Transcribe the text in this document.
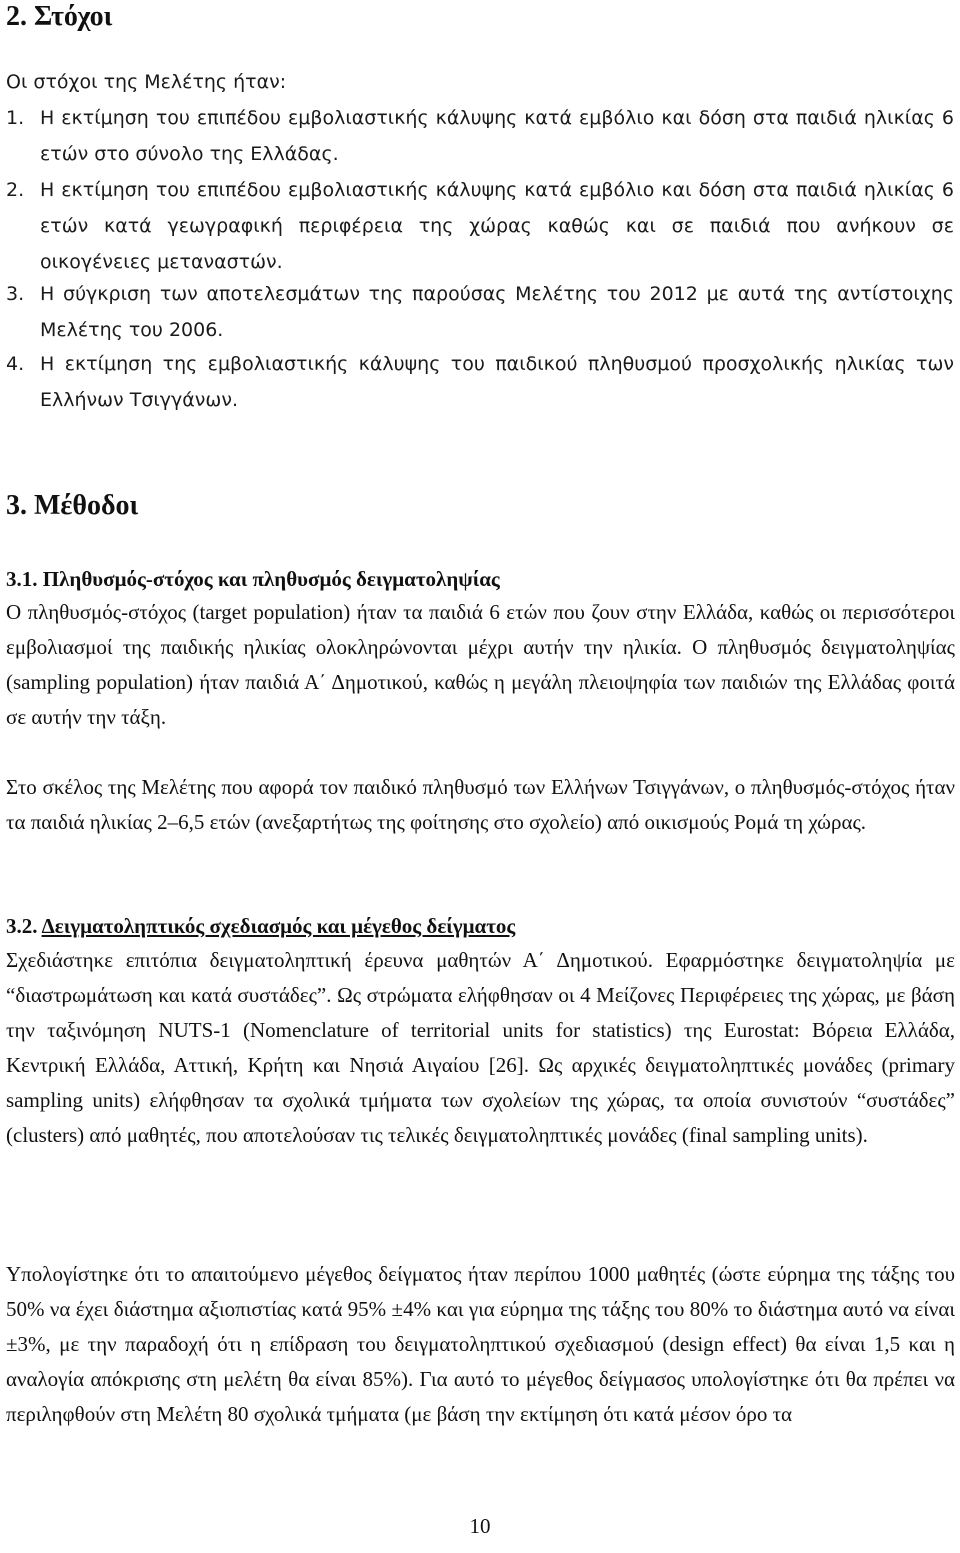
2. Στόχοι

Οι στόχοι της Μελέτης ήταν:

1. Η εκτίμηση του επιπέδου εμβολιαστικής κάλυψης κατά εμβόλιο και δόση στα παιδιά ηλικίας 6 ετών στο σύνολο της Ελλάδας.
2. Η εκτίμηση του επιπέδου εμβολιαστικής κάλυψης κατά εμβόλιο και δόση στα παιδιά ηλικίας 6 ετών κατά γεωγραφική περιφέρεια της χώρας καθώς και σε παιδιά που ανήκουν σε οικογένειες μεταναστών.
3. Η σύγκριση των αποτελεσμάτων της παρούσας Μελέτης του 2012 με αυτά της αντίστοιχης Μελέτης του 2006.
4. Η εκτίμηση της εμβολιαστικής κάλυψης του παιδικού πληθυσμού προσχολικής ηλικίας των Ελλήνων Τσιγγάνων.
3. Μέθοδοι
3.1. Πληθυσμός-στόχος και πληθυσμός δειγματοληψίας

Ο πληθυσμός-στόχος (target population) ήταν τα παιδιά 6 ετών που ζουν στην Ελλάδα, καθώς οι περισσότεροι εμβολιασμοί της παιδικής ηλικίας ολοκληρώνονται μέχρι αυτήν την ηλικία. Ο πληθυσμός δειγματοληψίας (sampling population) ήταν παιδιά Α΄ Δημοτικού, καθώς η μεγάλη πλειοψηφία των παιδιών της Ελλάδας φοιτά σε αυτήν την τάξη.

Στο σκέλος της Μελέτης που αφορά τον παιδικό πληθυσμό των Ελλήνων Τσιγγάνων, ο πληθυσμός-στόχος ήταν τα παιδιά ηλικίας 2–6,5 ετών (ανεξαρτήτως της φοίτησης στο σχολείο) από οικισμούς Ρομά τη χώρας.

3.2. Δειγματοληπτικός σχεδιασμός και μέγεθος δείγματος

Σχεδιάστηκε επιτόπια δειγματοληπτική έρευνα μαθητών Α΄ Δημοτικού. Εφαρμόστηκε δειγματοληψία με “διαστρωμάτωση και κατά συστάδες”. Ως στρώματα ελήφθησαν οι 4 Μείζονες Περιφέρειες της χώρας, με βάση την ταξινόμηση NUTS-1 (Nomenclature of territorial units for statistics) της Eurostat: Βόρεια Ελλάδα, Κεντρική Ελλάδα, Αττική, Κρήτη και Νησιά Αιγαίου [26]. Ως αρχικές δειγματοληπτικές μονάδες (primary sampling units) ελήφθησαν τα σχολικά τμήματα των σχολείων της χώρας, τα οποία συνιστούν “συστάδες” (clusters) από μαθητές, που αποτελούσαν τις τελικές δειγματοληπτικές μονάδες (final sampling units).

Υπολογίστηκε ότι το απαιτούμενο μέγεθος δείγματος ήταν περίπου 1000 μαθητές (ώστε εύρημα της τάξης του 50% να έχει διάστημα αξιοπιστίας κατά 95% ±4% και για εύρημα της τάξης του 80% το διάστημα αυτό να είναι ±3%, με την παραδοχή ότι η επίδραση του δειγματοληπτικού σχεδιασμού (design effect) θα είναι 1,5 και η αναλογία απόκρισης στη μελέτη θα είναι 85%). Για αυτό το μέγεθος δείγμασος υπολογίστηκε ότι θα πρέπει να περιληφθούν στη Μελέτη 80 σχολικά τμήματα (με βάση την εκτίμηση ότι κατά μέσον όρο τα

10
